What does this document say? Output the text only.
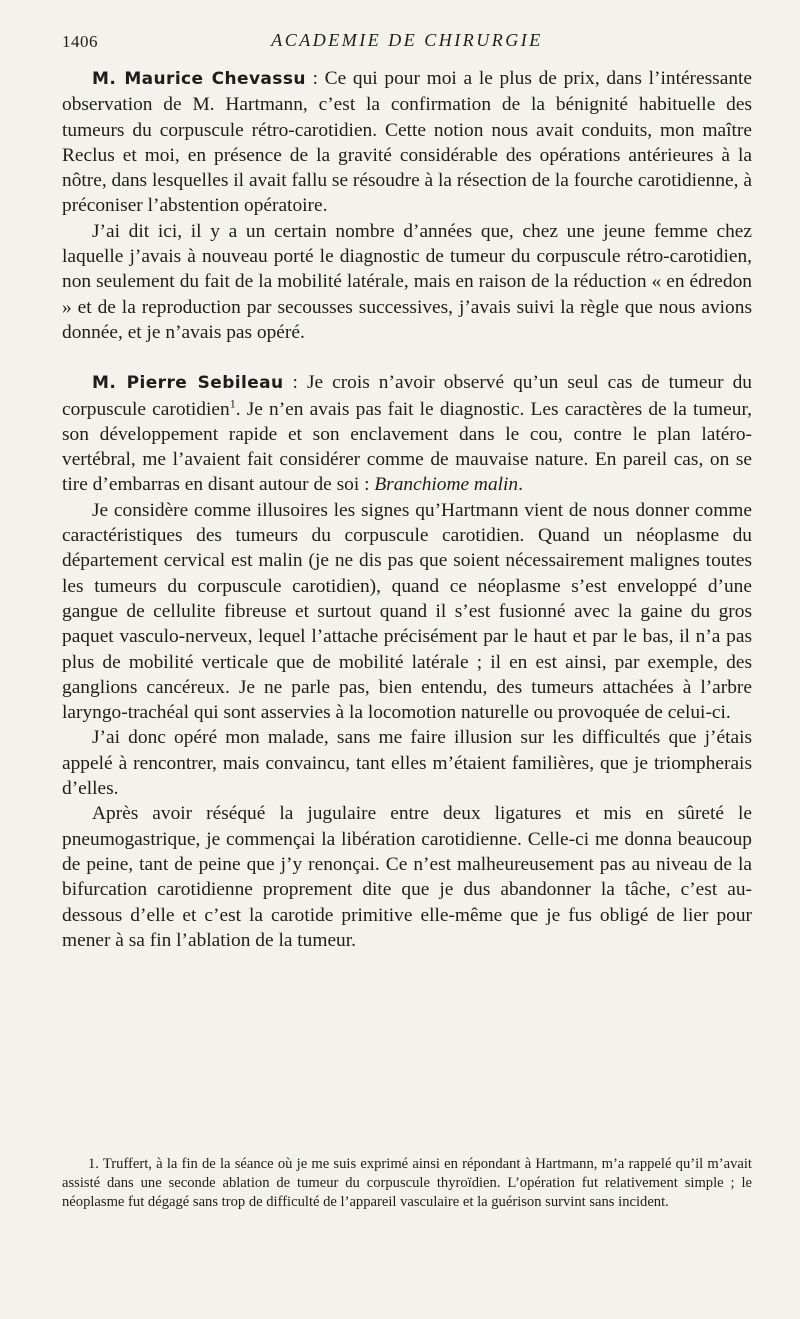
1406	ACADEMIE DE CHIRURGIE

M. Maurice Chevassu : Ce qui pour moi a le plus de prix, dans l’intéressante observation de M. Hartmann, c’est la confirmation de la bénignité habituelle des tumeurs du corpuscule rétro-carotidien. Cette notion nous avait conduits, mon maître Reclus et moi, en présence de la gravité considérable des opérations antérieures à la nôtre, dans lesquelles il avait fallu se résoudre à la résection de la fourche carotidienne, à préconiser l’abstention opératoire.

J’ai dit ici, il y a un certain nombre d’années que, chez une jeune femme chez laquelle j’avais à nouveau porté le diagnostic de tumeur du corpuscule rétro-carotidien, non seulement du fait de la mobilité latérale, mais en raison de la réduction « en édredon » et de la reproduction par secousses successives, j’avais suivi la règle que nous avions donnée, et je n’avais pas opéré.

M. Pierre Sebileau : Je crois n’avoir observé qu’un seul cas de tumeur du corpuscule carotidien$^1$. Je n’en avais pas fait le diagnostic. Les caractères de la tumeur, son développement rapide et son enclavement dans le cou, contre le plan latéro-vertébral, me l’avaient fait considérer comme de mauvaise nature. En pareil cas, on se tire d’embarras en disant autour de soi : Branchiome malin.

Je considère comme illusoires les signes qu’Hartmann vient de nous donner comme caractéristiques des tumeurs du corpuscule carotidien. Quand un néoplasme du département cervical est malin (je ne dis pas que soient nécessairement malignes toutes les tumeurs du corpuscule carotidien), quand ce néoplasme s’est enveloppé d’une gangue de cellulite fibreuse et surtout quand il s’est fusionné avec la gaine du gros paquet vasculo-nerveux, lequel l’attache précisément par le haut et par le bas, il n’a pas plus de mobilité verticale que de mobilité latérale ; il en est ainsi, par exemple, des ganglions cancéreux. Je ne parle pas, bien entendu, des tumeurs attachées à l’arbre laryngo-trachéal qui sont asservies à la locomotion naturelle ou provoquée de celui-ci.

J’ai donc opéré mon malade, sans me faire illusion sur les difficultés que j’étais appelé à rencontrer, mais convaincu, tant elles m’étaient familières, que je triompherais d’elles.

Après avoir réséqué la jugulaire entre deux ligatures et mis en sûreté le pneumogastrique, je commençai la libération carotidienne. Celle-ci me donna beaucoup de peine, tant de peine que j’y renonçai. Ce n’est malheureusement pas au niveau de la bifurcation carotidienne proprement dite que je dus abandonner la tâche, c’est au-dessous d’elle et c’est la carotide primitive elle-même que je fus obligé de lier pour mener à sa fin l’ablation de la tumeur.

1. Truffert, à la fin de la séance où je me suis exprimé ainsi en répondant à Hartmann, m’a rappelé qu’il m’avait assisté dans une seconde ablation de tumeur du corpuscule thyroïdien. L’opération fut relativement simple ; le néoplasme fut dégagé sans trop de difficulté de l’appareil vasculaire et la guérison survint sans incident.
